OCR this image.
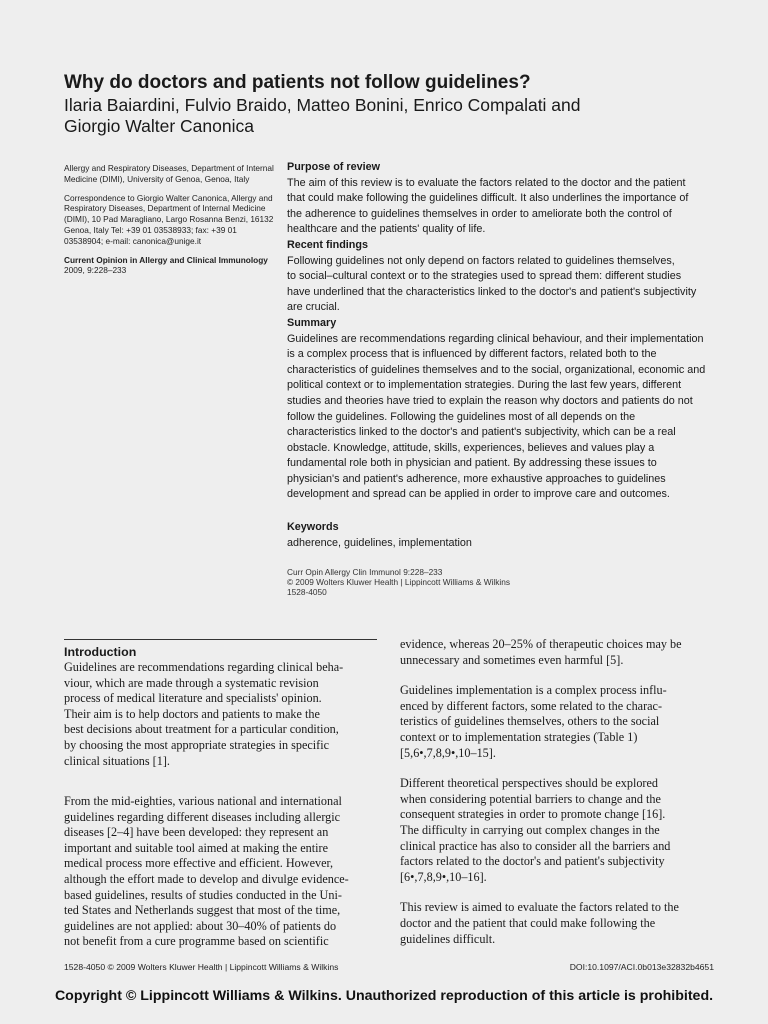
Why do doctors and patients not follow guidelines?
Ilaria Baiardini, Fulvio Braido, Matteo Bonini, Enrico Compalati and
Giorgio Walter Canonica

Allergy and Respiratory Diseases, Department of Internal Medicine (DIMI), University of Genoa, Genoa, Italy

Correspondence to Giorgio Walter Canonica, Allergy and Respiratory Diseases, Department of Internal Medicine (DIMI), 10 Pad Maragliano, Largo Rosanna Benzi, 16132 Genoa, Italy Tel: +39 01 03538933; fax: +39 01 03538904; e-mail: canonica@unige.it

Current Opinion in Allergy and Clinical Immunology 2009, 9:228–233

Purpose of review
The aim of this review is to evaluate the factors related to the doctor and the patient
that could make following the guidelines difficult. It also underlines the importance of
the adherence to guidelines themselves in order to ameliorate both the control of
healthcare and the patients' quality of life.
Recent findings
Following guidelines not only depend on factors related to guidelines themselves,
to social–cultural context or to the strategies used to spread them: different studies
have underlined that the characteristics linked to the doctor's and patient's subjectivity
are crucial.
Summary
Guidelines are recommendations regarding clinical behaviour, and their implementation
is a complex process that is influenced by different factors, related both to the
characteristics of guidelines themselves and to the social, organizational, economic and
political context or to implementation strategies. During the last few years, different
studies and theories have tried to explain the reason why doctors and patients do not
follow the guidelines. Following the guidelines most of all depends on the
characteristics linked to the doctor's and patient's subjectivity, which can be a real
obstacle. Knowledge, attitude, skills, experiences, believes and values play a
fundamental role both in physician and patient. By addressing these issues to
physician's and patient's adherence, more exhaustive approaches to guidelines
development and spread can be applied in order to improve care and outcomes.
Keywords
adherence, guidelines, implementation
Curr Opin Allergy Clin Immunol 9:228–233
© 2009 Wolters Kluwer Health | Lippincott Williams & Wilkins
1528-4050
Introduction
Guidelines are recommendations regarding clinical beha-
viour, which are made through a systematic revision
process of medical literature and specialists' opinion.
Their aim is to help doctors and patients to make the
best decisions about treatment for a particular condition,
by choosing the most appropriate strategies in specific
clinical situations [1].
From the mid-eighties, various national and international
guidelines regarding different diseases including allergic
diseases [2–4] have been developed: they represent an
important and suitable tool aimed at making the entire
medical process more effective and efficient. However,
although the effort made to develop and divulge evidence-
based guidelines, results of studies conducted in the Uni-
ted States and Netherlands suggest that most of the time,
guidelines are not applied: about 30–40% of patients do
not benefit from a cure programme based on scientific

evidence, whereas 20–25% of therapeutic choices may be
unnecessary and sometimes even harmful [5].

Guidelines implementation is a complex process influ-
enced by different factors, some related to the charac-
teristics of guidelines themselves, others to the social
context or to implementation strategies (Table 1)
[5,6•,7,8,9•,10–15].

Different theoretical perspectives should be explored
when considering potential barriers to change and the
consequent strategies in order to promote change [16].
The difficulty in carrying out complex changes in the
clinical practice has also to consider all the barriers and
factors related to the doctor's and patient's subjectivity
[6•,7,8,9•,10–16].

This review is aimed to evaluate the factors related to the
doctor and the patient that could make following the
guidelines difficult.

1528-4050 © 2009 Wolters Kluwer Health | Lippincott Williams & Wilkins	DOI:10.1097/ACI.0b013e32832b4651
Copyright © Lippincott Williams & Wilkins. Unauthorized reproduction of this article is prohibited.
